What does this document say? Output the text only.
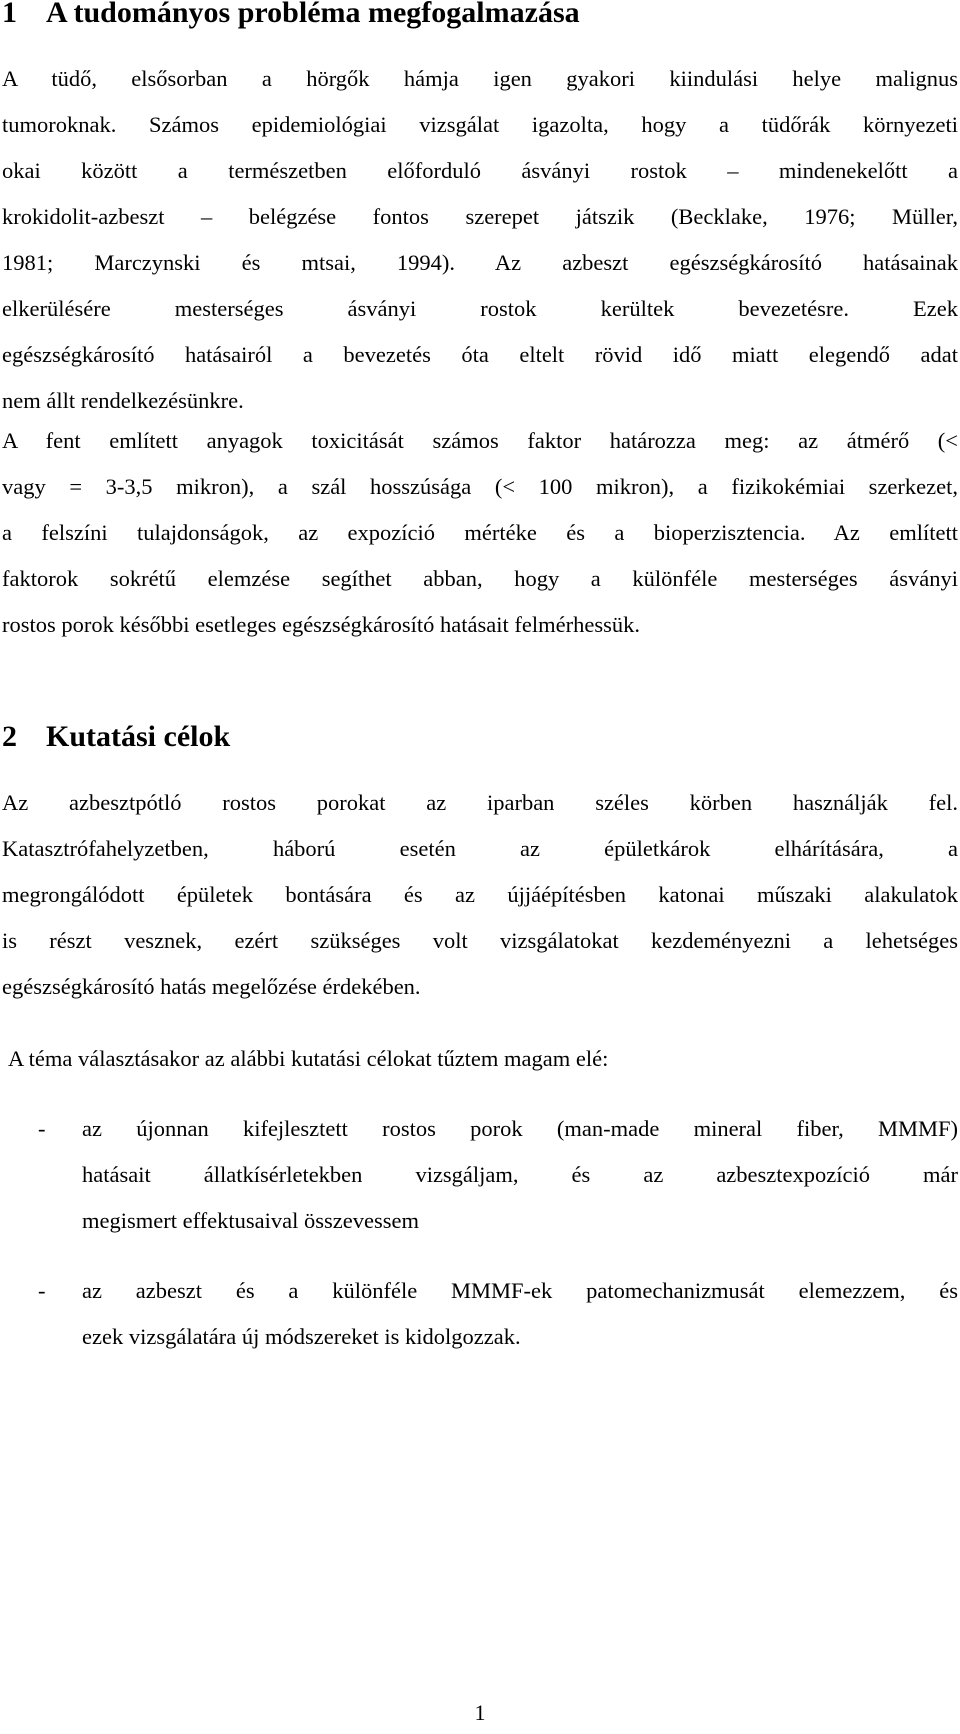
1 A tudományos probléma megfogalmazása
A tüdő, elsősorban a hörgők hámja igen gyakori kiindulási helye malignus
tumoroknak. Számos epidemiológiai vizsgálat igazolta, hogy a tüdőrák környezeti
okai között a természetben előforduló ásványi rostok – mindenekelőtt a
krokidolit-azbeszt – belégzése fontos szerepet játszik (Becklake, 1976; Müller,
1981; Marczynski és mtsai, 1994). Az azbeszt egészségkárosító hatásainak
elkerülésére mesterséges ásványi rostok kerültek bevezetésre. Ezek
egészségkárosító hatásairól a bevezetés óta eltelt rövid idő miatt elegendő adat
nem állt rendelkezésünkre.
A fent említett anyagok toxicitását számos faktor határozza meg: az átmérő (<
vagy = 3-3,5 mikron), a szál hosszúsága (< 100 mikron), a fizikokémiai szerkezet,
a felszíni tulajdonságok, az expozíció mértéke és a bioperzisztencia. Az említett
faktorok sokrétű elemzése segíthet abban, hogy a különféle mesterséges ásványi
rostos porok későbbi esetleges egészségkárosító hatásait felmérhessük.
2 Kutatási célok
Az azbesztpótló rostos porokat az iparban széles körben használják fel.
Katasztrófahelyzetben, háború esetén az épületkárok elhárítására, a
megrongálódott épületek bontására és az újjáépítésben katonai műszaki alakulatok
is részt vesznek, ezért szükséges volt vizsgálatokat kezdeményezni a lehetséges
egészségkárosító hatás megelőzése érdekében.
A téma választásakor az alábbi kutatási célokat tűztem magam elé:
- az újonnan kifejlesztett rostos porok (man-made mineral fiber, MMMF)
hatásait állatkísérletekben vizsgáljam, és az azbesztexpozíció már
megismert effektusaival összevessem
- az azbeszt és a különféle MMMF-ek patomechanizmusát elemezzem, és
ezek vizsgálatára új módszereket is kidolgozzak.
1
